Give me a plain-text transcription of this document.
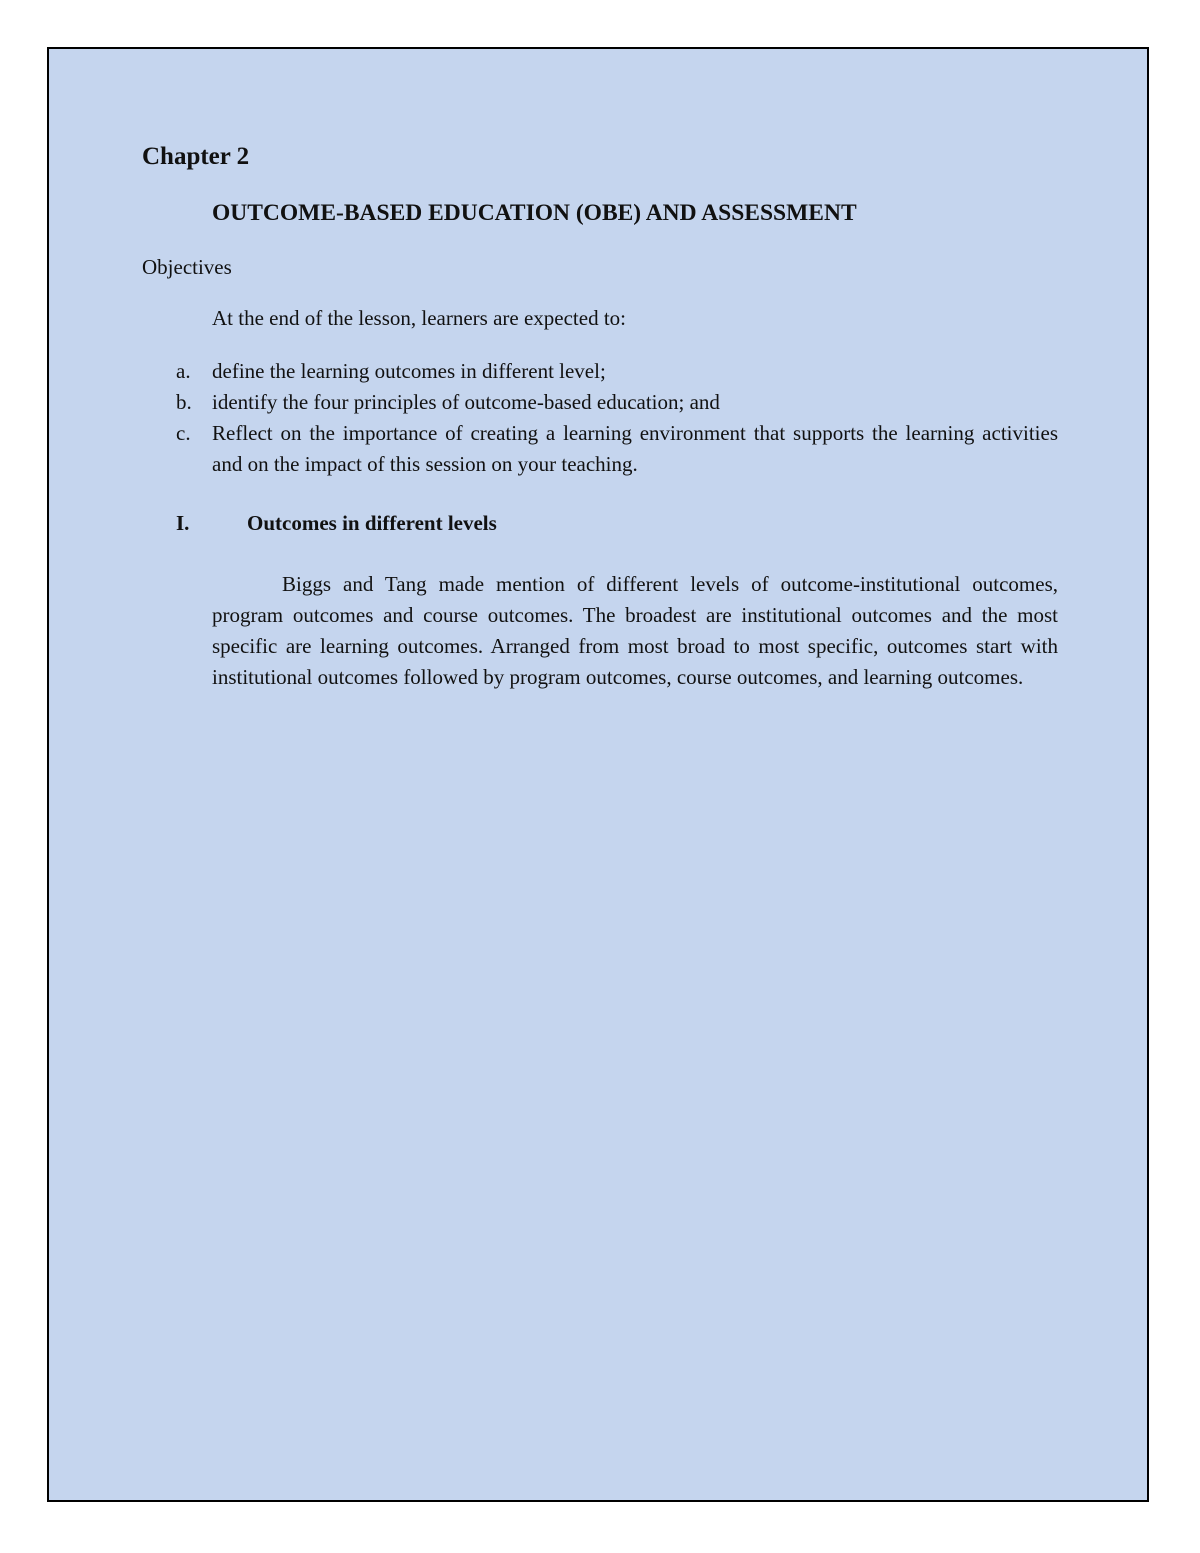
Chapter 2
OUTCOME-BASED EDUCATION (OBE) AND ASSESSMENT

Objectives

At the end of the lesson, learners are expected to:

a. define the learning outcomes in different level;
b. identify the four principles of outcome-based education; and
c. Reflect on the importance of creating a learning environment that supports the learning activities and on the impact of this session on your teaching.
I.	Outcomes in different levels

Biggs and Tang made mention of different levels of outcome-institutional outcomes, program outcomes and course outcomes. The broadest are institutional outcomes and the most specific are learning outcomes. Arranged from most broad to most specific, outcomes start with institutional outcomes followed by program outcomes, course outcomes, and learning outcomes.
